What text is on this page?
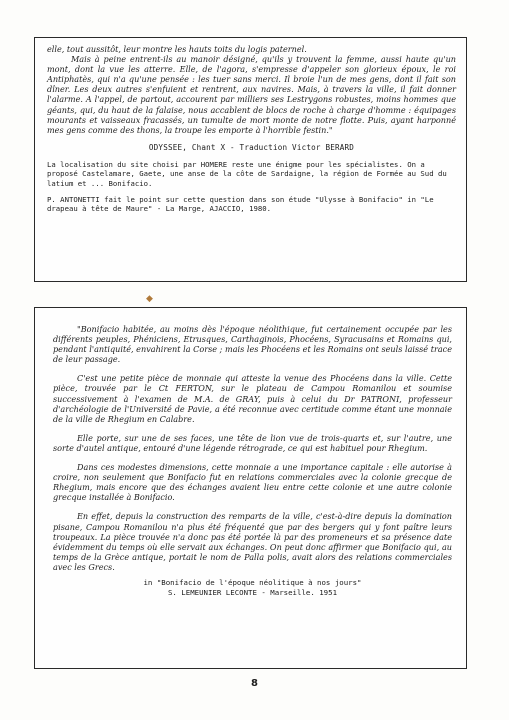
elle, tout aussitôt, leur montre les hauts toits du logis paternel.

Mais à peine entrent-ils au manoir désigné, qu'ils y trouvent la femme, aussi haute qu'un mont, dont la vue les atterre. Elle, de l'agora, s'empresse d'appeler son glorieux époux, le roi Antiphatès, qui n'a qu'une pensée : les tuer sans merci. Il broie l'un de mes gens, dont il fait son dîner. Les deux autres s'enfuient et rentrent, aux navires. Mais, à travers la ville, il fait donner l'alarme. A l'appel, de partout, accourent par milliers ses Lestrygons robustes, moins hommes que géants, qui, du haut de la falaise, nous accablent de blocs de roche à charge d'homme : équipages mourants et vaisseaux fracassés, un tumulte de mort monte de notre flotte. Puis, ayant harponné mes gens comme des thons, la troupe les emporte à l'horrible festin."

ODYSSEE, Chant X - Traduction Victor BERARD

La localisation du site choisi par HOMERE reste une énigme pour les spécialistes. On a proposé Castelamare, Gaete, une anse de la côte de Sardaigne, la région de Formée au Sud du latium et ... Bonifacio.

P. ANTONETTI fait le point sur cette question dans son étude "Ulysse à Bonifacio" in "Le drapeau à tête de Maure" - La Marge, AJACCIO, 1980.

◆

"Bonifacio habitée, au moins dès l'époque néolithique, fut certainement occupée par les différents peuples, Phéniciens, Etrusques, Carthaginois, Phocéens, Syracusains et Romains qui, pendant l'antiquité, envahirent la Corse ; mais les Phocéens et les Romains ont seuls laissé trace de leur passage.

C'est une petite pièce de monnaie qui atteste la venue des Phocéens dans la ville. Cette pièce, trouvée par le Ct FERTON, sur le plateau de Campou Romanilou et soumise successivement à l'examen de M.A. de GRAY, puis à celui du Dr PATRONI, professeur d'archéologie de l'Université de Pavie, a été reconnue avec certitude comme étant une monnaie de la ville de Rhegium en Calabre.

Elle porte, sur une de ses faces, une tête de lion vue de trois-quarts et, sur l'autre, une sorte d'autel antique, entouré d'une légende rétrograde, ce qui est habituel pour Rhegium.

Dans ces modestes dimensions, cette monnaie a une importance capitale : elle autorise à croire, non seulement que Bonifacio fut en relations commerciales avec la colonie grecque de Rhegium, mais encore que des échanges avaient lieu entre cette colonie et une autre colonie grecque installée à Bonifacio.

En effet, depuis la construction des remparts de la ville, c'est-à-dire depuis la domination pisane, Campou Romanilou n'a plus été fréquenté que par des bergers qui y font paître leurs troupeaux. La pièce trouvée n'a donc pas été portée là par des promeneurs et sa présence date évidemment du temps où elle servait aux échanges. On peut donc affirmer que Bonifacio qui, au temps de la Grèce antique, portait le nom de Palla polis, avait alors des relations commerciales avec les Grecs.

in "Bonifacio de l'époque néolitique à nos jours"

S. LEMEUNIER LECONTE - Marseille. 1951

8
